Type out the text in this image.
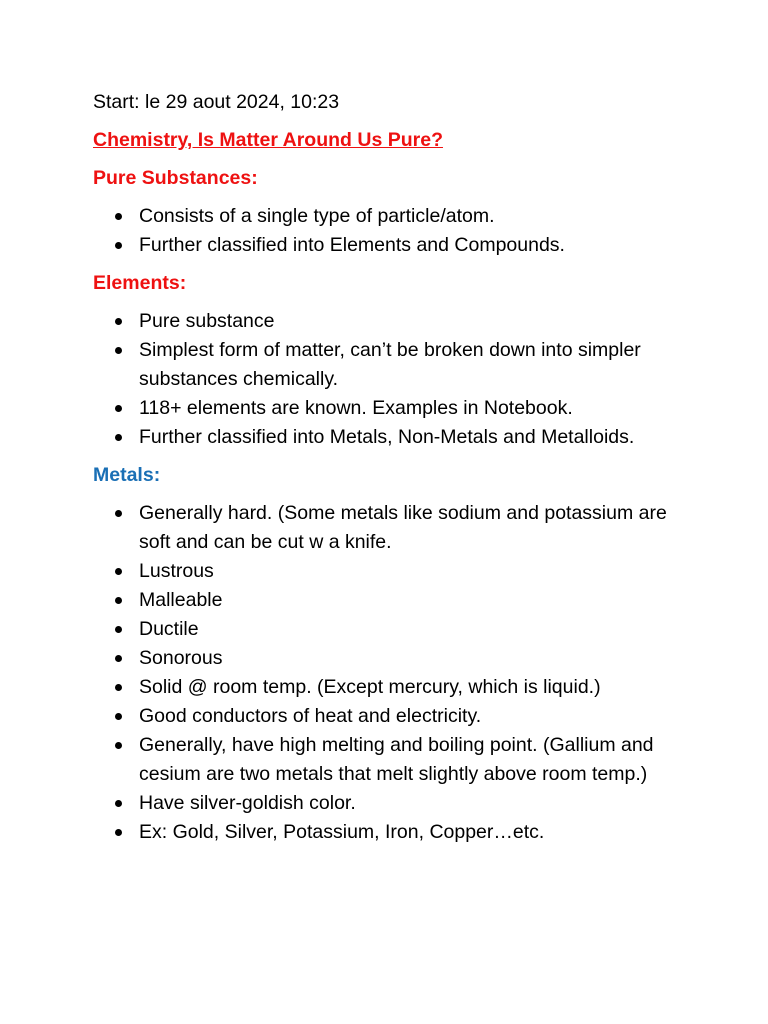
Start: le 29 aout 2024, 10:23

Chemistry, Is Matter Around Us Pure?

Pure Substances:

Consists of a single type of particle/atom.
Further classified into Elements and Compounds.

Elements:

Pure substance
Simplest form of matter, can’t be broken down into simpler substances chemically.
118+ elements are known. Examples in Notebook.
Further classified into Metals, Non-Metals and Metalloids.

Metals:

Generally hard. (Some metals like sodium and potassium are soft and can be cut w a knife.
Lustrous
Malleable
Ductile
Sonorous
Solid @ room temp. (Except mercury, which is liquid.)
Good conductors of heat and electricity.
Generally, have high melting and boiling point. (Gallium and cesium are two metals that melt slightly above room temp.)
Have silver-goldish color.
Ex: Gold, Silver, Potassium, Iron, Copper…etc.
